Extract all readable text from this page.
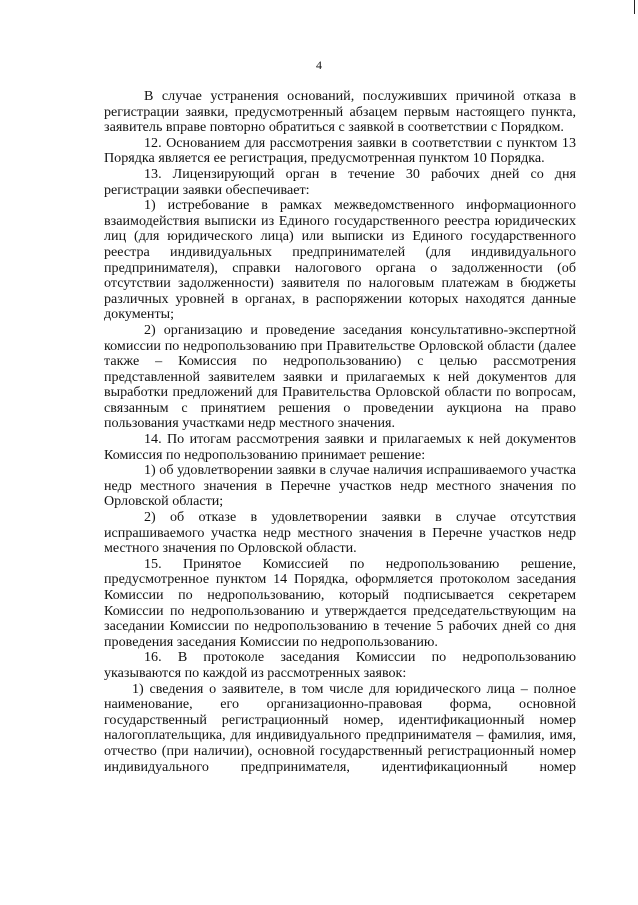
4

В случае устранения оснований, послуживших причиной отказа в регистрации заявки, предусмотренный абзацем первым настоящего пункта, заявитель вправе повторно обратиться с заявкой в соответствии с Порядком.

12. Основанием для рассмотрения заявки в соответствии с пунктом 13 Порядка является ее регистрация, предусмотренная пунктом 10 Порядка.

13. Лицензирующий орган в течение 30 рабочих дней со дня регистрации заявки обеспечивает:

1) истребование в рамках межведомственного информационного взаимодействия выписки из Единого государственного реестра юридических лиц (для юридического лица) или выписки из Единого государственного реестра индивидуальных предпринимателей (для индивидуального предпринимателя), справки налогового органа о задолженности (об отсутствии задолженности) заявителя по налоговым платежам в бюджеты различных уровней в органах, в распоряжении которых находятся данные документы;

2) организацию и проведение заседания консультативно-экспертной комиссии по недропользованию при Правительстве Орловской области (далее также – Комиссия по недропользованию) с целью рассмотрения представленной заявителем заявки и прилагаемых к ней документов для выработки предложений для Правительства Орловской области по вопросам, связанным с принятием решения о проведении аукциона на право пользования участками недр местного значения.

14. По итогам рассмотрения заявки и прилагаемых к ней документов Комиссия по недропользованию принимает решение:

1) об удовлетворении заявки в случае наличия испрашиваемого участка недр местного значения в Перечне участков недр местного значения по Орловской области;

2) об отказе в удовлетворении заявки в случае отсутствия испрашиваемого участка недр местного значения в Перечне участков недр местного значения по Орловской области.

15. Принятое Комиссией по недропользованию решение, предусмотренное пунктом 14 Порядка, оформляется протоколом заседания Комиссии по недропользованию, который подписывается секретарем Комиссии по недропользованию и утверждается председательствующим на заседании Комиссии по недропользованию в течение 5 рабочих дней со дня проведения заседания Комиссии по недропользованию.

16. В протоколе заседания Комиссии по недропользованию указываются по каждой из рассмотренных заявок:

1) сведения о заявителе, в том числе для юридического лица – полное наименование, его организационно-правовая форма, основной государственный регистрационный номер, идентификационный номер налогоплательщика, для индивидуального предпринимателя – фамилия, имя, отчество (при наличии), основной государственный регистрационный номер индивидуального предпринимателя, идентификационный номер
